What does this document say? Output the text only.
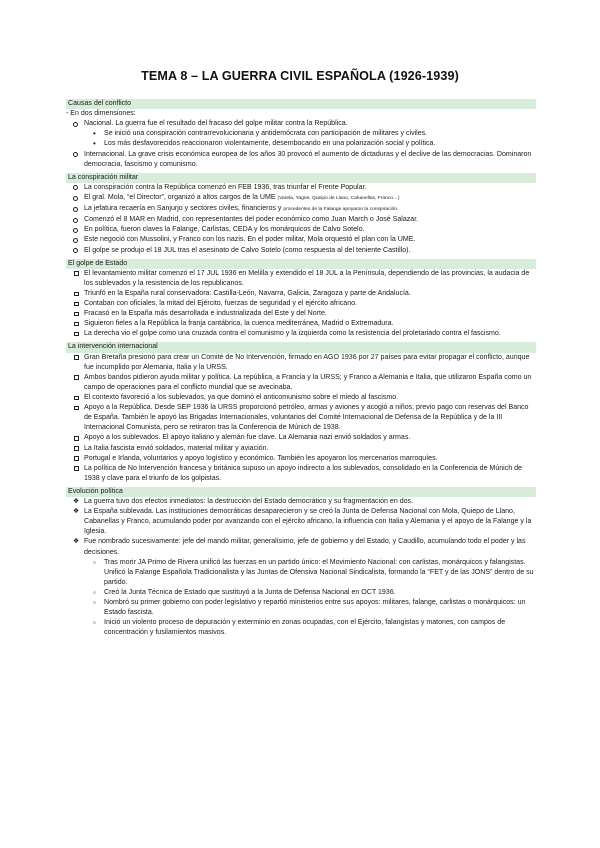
TEMA 8 – LA GUERRA CIVIL ESPAÑOLA (1926-1939)
Causas del conflicto
- En dos dimensiones:
Nacional. La guerra fue el resultado del fracaso del golpe militar contra la República.
• Se inició una conspiración contrarrevolucionaria y antidemócrata con participación de militares y civiles.
• Los más desfavorecidos reaccionaron violentamente, desembocando en una polarización social y política.
Internacional. La grave crisis económica europea de los años 30 provocó el aumento de dictaduras y el declive de las democracias. Dominaron democracia, fascismo y comunismo.
La conspiración militar
La conspiración contra la República comenzó en FEB 1936, tras triunfar el Frente Popular.
El gral. Mola, “el Director”, organizó a altos cargos de la UME (Varela, Yagüe, Queipo de Llano, Cabanellas, Franco…)
La jefatura recaería en Sanjurjo y sectores civiles, financieros y procedentes de la Falange apoyaron la conspiración.
Comenzó el 8 MAR en Madrid, con representantes del poder económico como Juan March o José Salazar.
En política, fueron claves la Falange, Carlistas, CEDA y los monárquicos de Calvo Sotelo.
Este negoció con Mussolini, y Franco con los nazis. En el poder militar, Mola orquestó el plan con la UME.
El golpe se produjo el 18 JUL tras el asesinato de Calvo Sotelo (como respuesta al del teniente Castillo).
El golpe de Estado
El levantamiento militar comenzó el 17 JUL 1936 en Melilla y extendido el 18 JUL a la Península, dependiendo de las provincias, la audacia de los sublevados y la resistencia de los republicanos.
Triunfó en la España rural conservadora: Castilla-León, Navarra, Galicia, Zaragoza y parte de Andalucía.
Contaban con oficiales, la mitad del Ejército, fuerzas de seguridad y el ejército africano.
Fracasó en la España más desarrollada e industrializada del Este y del Norte.
Siguieron fieles a la República la franja cantábrica, la cuenca mediterránea, Madrid o Extremadura.
La derecha vio el golpe como una cruzada contra el comunismo y la izquierda como la resistencia del proletariado contra el fascismo.
La intervención internacional
Gran Bretaña presionó para crear un Comité de No Intervención, firmado en AGO 1936 por 27 países para evitar propagar el conflicto, aunque fue incumplido por Alemania, Italia y la URSS.
Ambos bandos pidieron ayuda militar y política. La república, a Francia y la URSS; y Franco a Alemania e Italia, que utilizaron España como un campo de operaciones para el conflicto mundial que se avecinaba.
El contexto favoreció a los sublevados, ya que dominó el anticomunismo sobre el miedo al fascismo.
Apoyo a la República. Desde SEP 1936 la URSS proporcionó petróleo, armas y aviones y acogió a niños, previo pago con reservas del Banco de España. También le apoyó las Brigadas Internacionales, voluntarios del Comité Internacional de Defensa de la República y de la III Internacional Comunista, pero se retiraron tras la Conferencia de Múnich de 1938.
Apoyo a los sublevados. El apoyo italiano y alemán fue clave. La Alemania nazi envió soldados y armas.
La Italia fascista envió soldados, material militar y aviación.
Portugal e Irlanda, voluntarios y apoyo logístico y económico. También les apoyaron los mercenarios marroquíes.
La política de No Intervención francesa y británica supuso un apoyo indirecto a los sublevados, consolidado en la Conferencia de Múnich de 1938 y clave para el triunfo de los golpistas.
Evolución política
❖ La guerra tuvo dos efectos inmediatos: la destrucción del Estado democrático y su fragmentación en dos.
❖ La España sublevada. Las instituciones democráticas desaparecieron y se creó la Junta de Defensa Nacional con Mola, Quiepo de Llano, Cabanellas y Franco, acumulando poder por avanzando con el ejército africano, la influencia con Italia y Alemania y el apoyo de la Falange y la Iglesia.
❖ Fue nombrado sucesivamente: jefe del mando militar, generalísimo, jefe de gobierno y del Estado, y Caudillo, acumulando todo el poder y las decisiones.
◦ Tras morir JA Primo de Rivera unificó las fuerzas en un partido único: el Movimiento Nacional: con carlistas, monárquicos y falangistas. Unificó la Falange Española Tradicionalista y las Juntas de Ofensiva Nacional Sindicalista, formando la “FET y de las JONS” dentro de su partido.
◦ Creó la Junta Técnica de Estado que sustituyó a la Junta de Defensa Nacional en OCT 1936.
◦ Nombró su primer gobierno con poder legislativo y repartió ministerios entre sus apoyos: militares, falange, carlistas o monárquicos: un Estado fascista.
◦ Inició un violento proceso de depuración y exterminio en zonas ocupadas, con el Ejército, falangistas y matones, con campos de concentración y fusilamientos masivos.
